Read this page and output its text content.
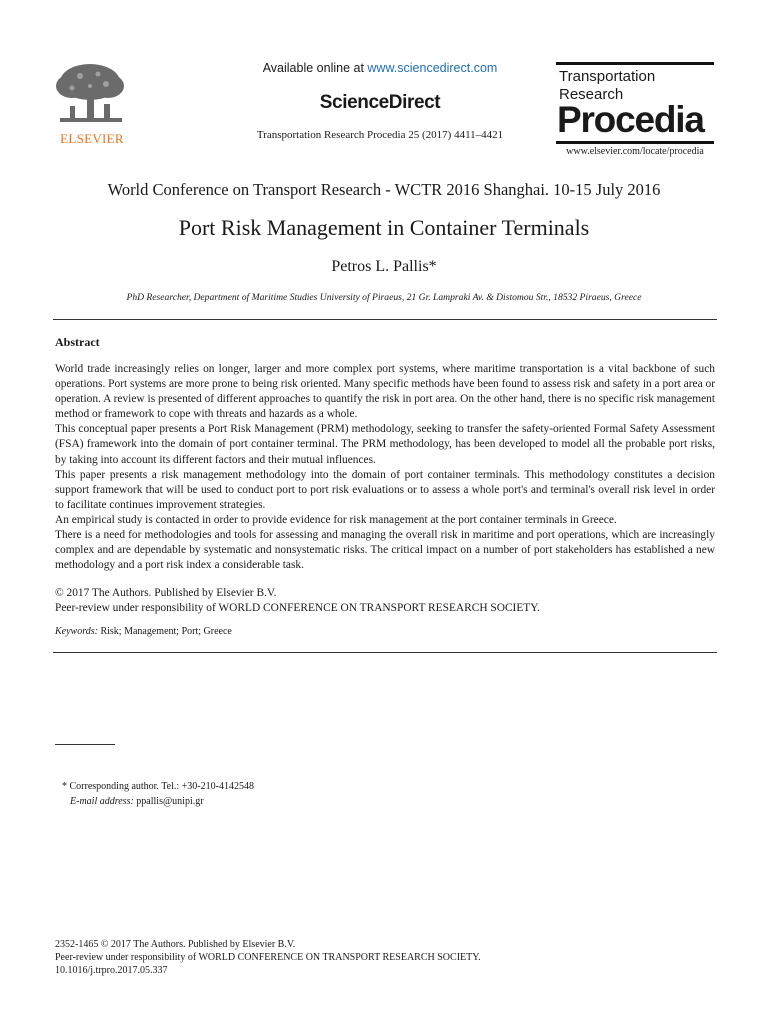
ELSEVIER
Available online at www.sciencedirect.com
ScienceDirect
Transportation Research Procedia 25 (2017) 4411–4421
Transportation
Research
Procedia
www.elsevier.com/locate/procedia
World Conference on Transport Research - WCTR 2016 Shanghai. 10-15 July 2016
Port Risk Management in Container Terminals
Petros L. Pallis*
PhD Researcher, Department of Maritime Studies University of Piraeus, 21 Gr. Lampraki Av. & Distomou Str., 18532 Piraeus, Greece
Abstract

World trade increasingly relies on longer, larger and more complex port systems, where maritime transportation is a vital backbone of such operations. Port systems are more prone to being risk oriented. Many specific methods have been found to assess risk and safety in a port area or operation. A review is presented of different approaches to quantify the risk in port area. On the other hand, there is no specific risk management method or framework to cope with threats and hazards as a whole.

This conceptual paper presents a Port Risk Management (PRM) methodology, seeking to transfer the safety-oriented Formal Safety Assessment (FSA) framework into the domain of port container terminal. The PRM methodology, has been developed to model all the probable port risks, by taking into account its different factors and their mutual influences.

This paper presents a risk management methodology into the domain of port container terminals. This methodology constitutes a decision support framework that will be used to conduct port to port risk evaluations or to assess a whole port's and terminal's overall risk level in order to facilitate continues improvement strategies.

An empirical study is contacted in order to provide evidence for risk management at the port container terminals in Greece.

There is a need for methodologies and tools for assessing and managing the overall risk in maritime and port operations, which are increasingly complex and are dependable by systematic and nonsystematic risks. The critical impact on a number of port stakeholders has established a new methodology and a port risk index a considerable task.

© 2017 The Authors. Published by Elsevier B.V.
Peer-review under responsibility of WORLD CONFERENCE ON TRANSPORT RESEARCH SOCIETY.
Keywords: Risk; Management; Port; Greece
* Corresponding author. Tel.: +30-210-4142548
E-mail address: ppallis@unipi.gr
2352-1465 © 2017 The Authors. Published by Elsevier B.V.
Peer-review under responsibility of WORLD CONFERENCE ON TRANSPORT RESEARCH SOCIETY.
10.1016/j.trpro.2017.05.337
